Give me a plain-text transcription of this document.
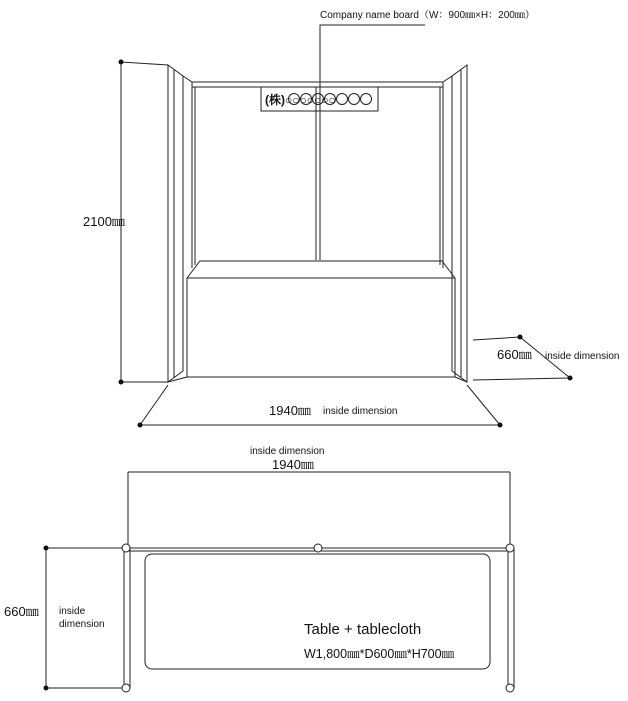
Company name board（W：900㎜×H：200㎜）
(株)○○○○○○○
2100㎜
660㎜ inside dimension
1940㎜ inside dimension
inside dimension
1940㎜
660㎜ inside
dimension	Table + tablecloth
W1,800㎜*D600㎜*H700㎜
